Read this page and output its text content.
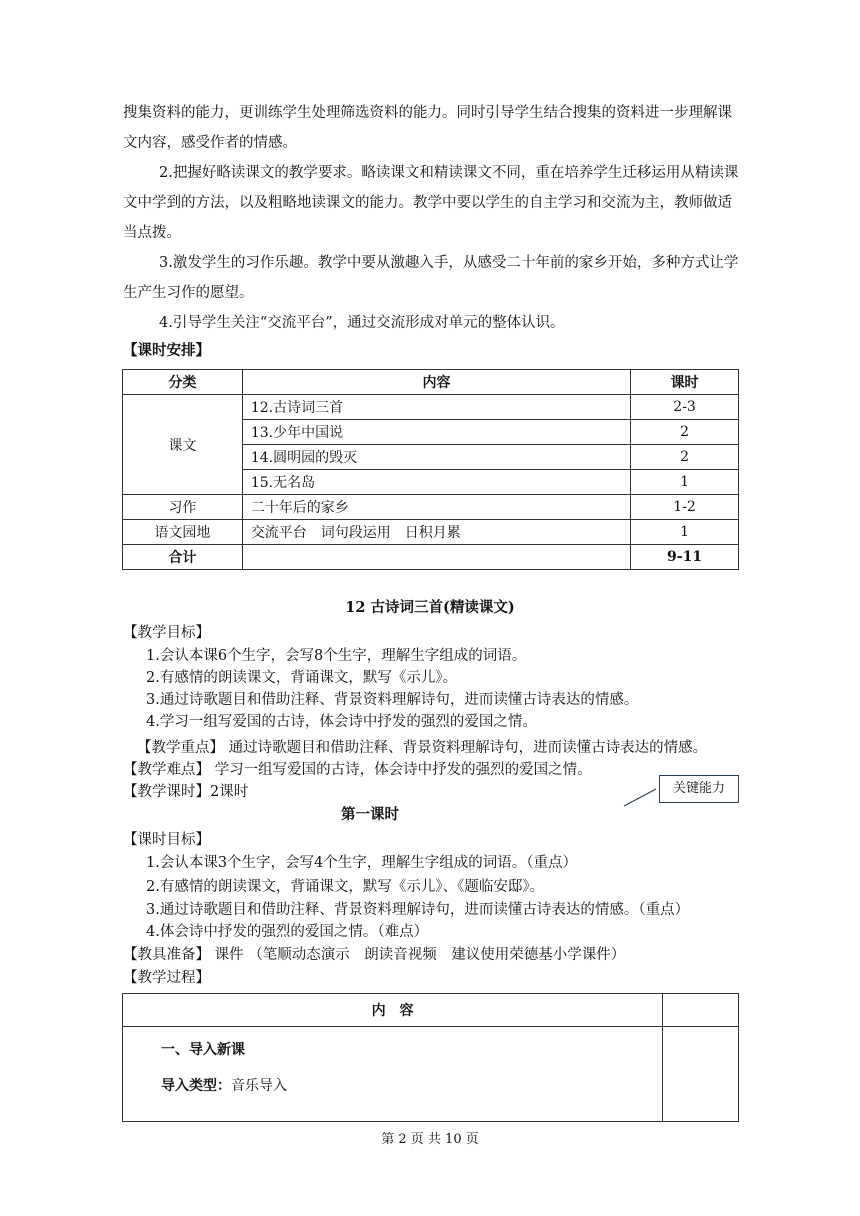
搜集资料的能力，更训练学生处理筛选资料的能力。同时引导学生结合搜集的资料进一步理解课文内容，感受作者的情感。
2.把握好略读课文的教学要求。略读课文和精读课文不同，重在培养学生迁移运用从精读课文中学到的方法，以及粗略地读课文的能力。教学中要以学生的自主学习和交流为主，教师做适当点拨。
3.激发学生的习作乐趣。教学中要从激趣入手，从感受二十年前的家乡开始，多种方式让学生产生习作的愿望。
4.引导学生关注“交流平台”，通过交流形成对单元的整体认识。
【课时安排】
分类	内容	课时
课文	12.古诗词三首	2-3
	13.少年中国说	2
	14.圆明园的毁灭	2
	15.无名岛	1
习作	二十年后的家乡	1-2
语文园地	交流平台　词句段运用　日积月累	1
合计		9-11
12 古诗词三首(精读课文)
【教学目标】
1.会认本课6个生字，会写8个生字，理解生字组成的词语。
2.有感情的朗读课文，背诵课文，默写《示儿》。
3.通过诗歌题目和借助注释、背景资料理解诗句，进而读懂古诗表达的情感。
4.学习一组写爱国的古诗，体会诗中抒发的强烈的爱国之情。
【教学重点】 通过诗歌题目和借助注释、背景资料理解诗句，进而读懂古诗表达的情感。
【教学难点】 学习一组写爱国的古诗，体会诗中抒发的强烈的爱国之情。
【教学课时】2课时	关键能力
第一课时
【课时目标】
1.会认本课3个生字，会写4个生字，理解生字组成的词语。（重点）
2.有感情的朗读课文，背诵课文，默写《示儿》、《题临安邸》。
3.通过诗歌题目和借助注释、背景资料理解诗句，进而读懂古诗表达的情感。（重点）
4.体会诗中抒发的强烈的爱国之情。（难点）
【教具准备】 课件 （笔顺动态演示　朗读音视频　建议使用荣德基小学课件）
【教学过程】
内　容	

一、导入新课
导入类型：音乐导入	

第 2 页 共 10 页
